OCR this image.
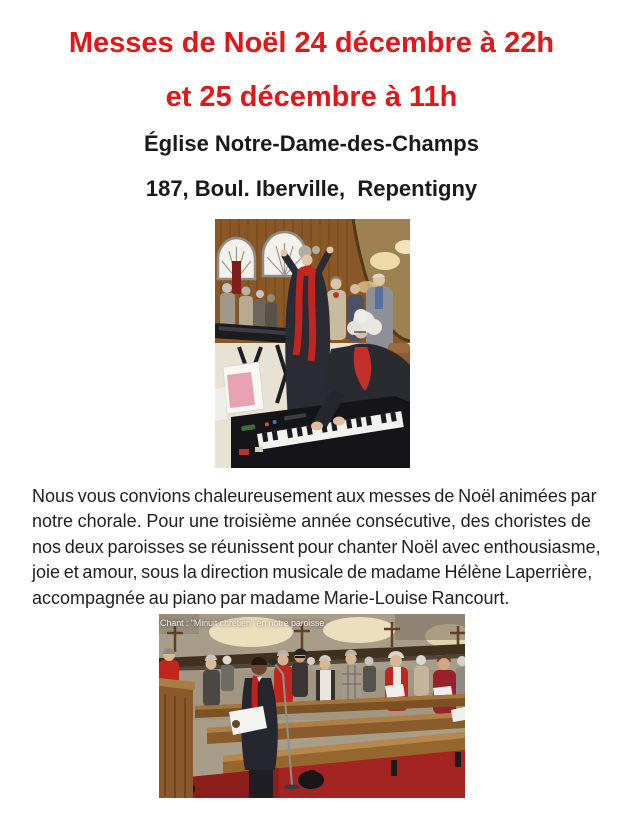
Messes de Noël 24 décembre à 22h
et 25 décembre à 11h
Église Notre-Dame-des-Champs
187, Boul. Iberville,  Repentigny
Nous vous convions chaleureusement aux messes de Noël animées par
notre chorale. Pour une troisième année consécutive, des choristes de
nos deux paroisses se réunissent pour chanter Noël avec enthousiasme,
joie et amour, sous la direction musicale de madame Hélène Laperrière,
accompagnée au piano par madame Marie-Louise Rancourt.
Chant : "Minuit chrétien" en notre paroisse
